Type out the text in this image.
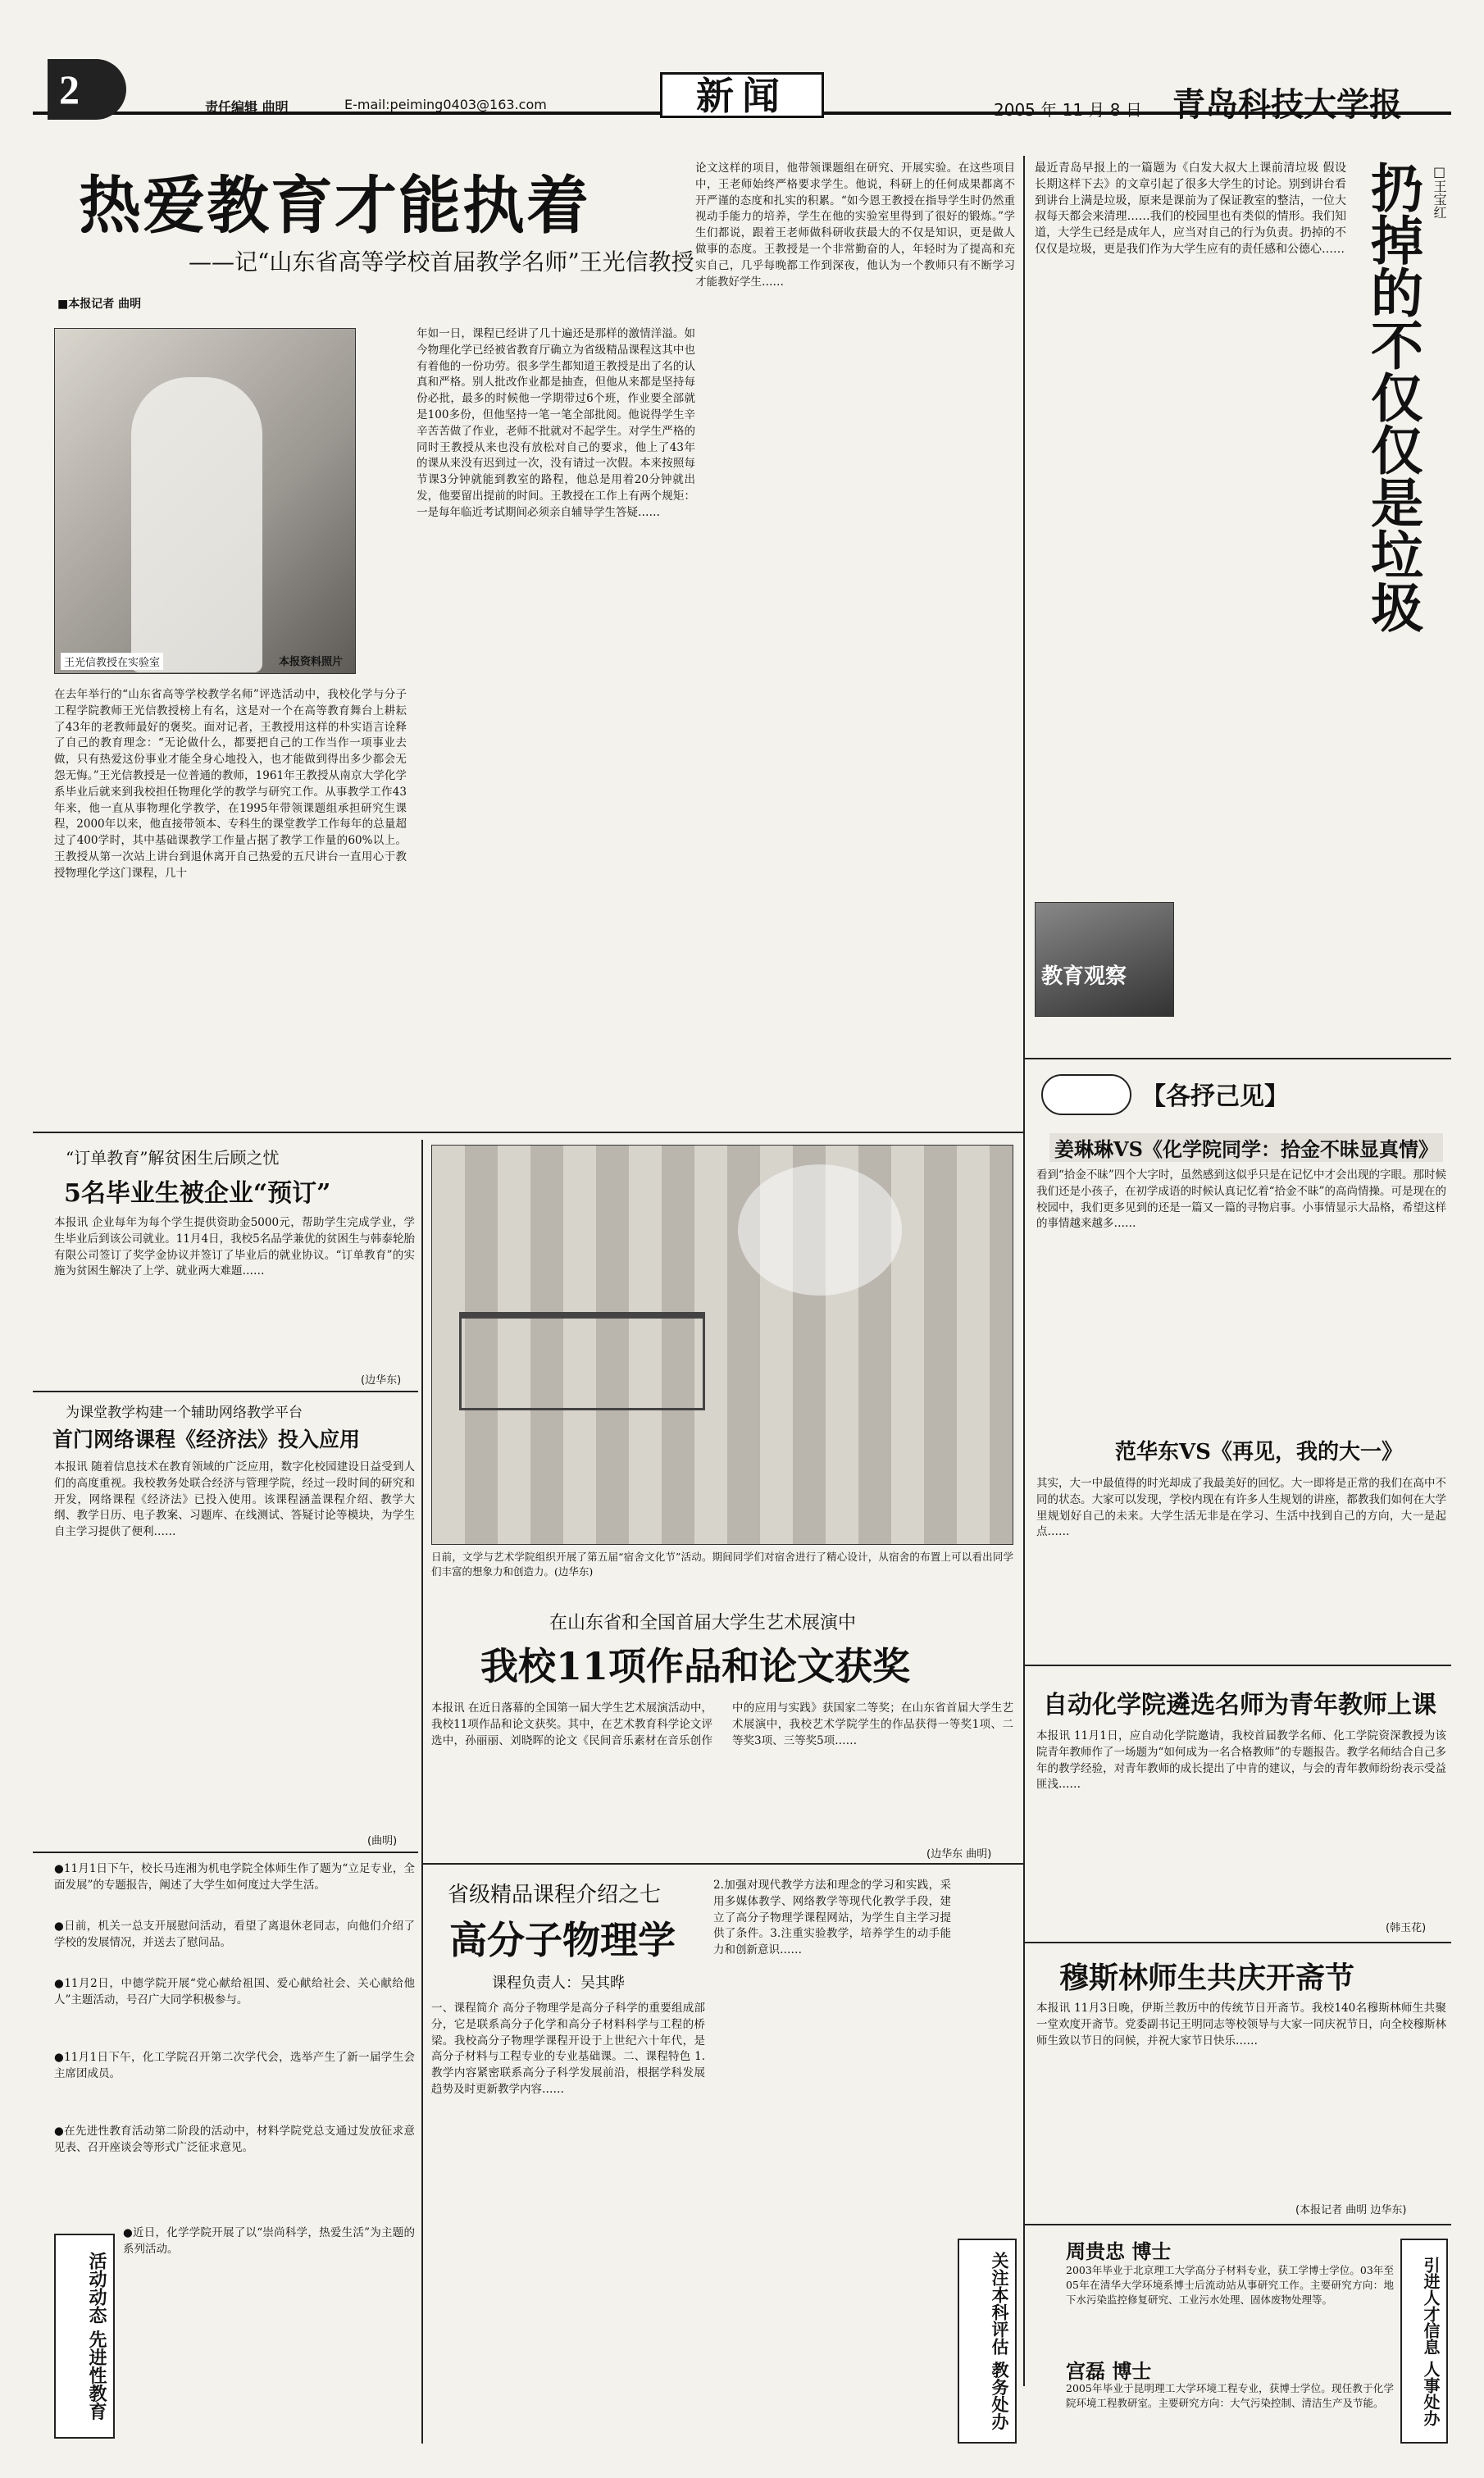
2	责任编辑 曲明	E-mail:peiming0403@163.com	新闻	2005 年 11 月 8 日 青岛科技大学报
热爱教育才能执着
——记“山东省高等学校首届教学名师”王光信教授
■本报记者 曲明
王光信教授在实验室	本报资料照片
在去年举行的“山东省高等学校教学名师”评选活动中，我校化学与分子工程学院教师王光信教授榜上有名，这是对一个在高等教育舞台上耕耘了43年的老教师最好的褒奖。面对记者，王教授用这样的朴实语言诠释了自己的教育理念：“无论做什么，都要把自己的工作当作一项事业去做，只有热爱这份事业才能全身心地投入，也才能做到得出多少都会无怨无悔。”王光信教授是一位普通的教师，1961年王教授从南京大学化学系毕业后就来到我校担任物理化学的教学与研究工作。从事教学工作43年来，他一直从事物理化学教学，在1995年带领课题组承担研究生课程，2000年以来，他直接带领本、专科生的课堂教学工作每年的总量超过了400学时，其中基础课教学工作量占据了教学工作量的60%以上。王教授从第一次站上讲台到退休离开自己热爱的五尺讲台一直用心于教授物理化学这门课程，几十
年如一日，课程已经讲了几十遍还是那样的激情洋溢。如今物理化学已经被省教育厅确立为省级精品课程这其中也有着他的一份功劳。很多学生都知道王教授是出了名的认真和严格。别人批改作业都是抽查，但他从来都是坚持每份必批，最多的时候他一学期带过6个班，作业要全部就是100多份，但他坚持一笔一笔全部批阅。他说得学生辛辛苦苦做了作业，老师不批就对不起学生。对学生严格的同时王教授从来也没有放松对自己的要求，他上了43年的课从来没有迟到过一次，没有请过一次假。本来按照每节课3分钟就能到教室的路程，他总是用着20分钟就出发，他要留出提前的时间。王教授在工作上有两个规矩：一是每年临近考试期间必须亲自辅导学生答疑……
论文这样的项目，他带领课题组在研究、开展实验。在这些项目中，王老师始终严格要求学生。他说，科研上的任何成果都离不开严谨的态度和扎实的积累。“如今恩王教授在指导学生时仍然重视动手能力的培养，学生在他的实验室里得到了很好的锻炼。”学生们都说，跟着王老师做科研收获最大的不仅是知识，更是做人做事的态度。王教授是一个非常勤奋的人，年轻时为了提高和充实自己，几乎每晚都工作到深夜，他认为一个教师只有不断学习才能教好学生……	扔掉的不仅仅是垃圾 □王宝红
最近青岛早报上的一篇题为《白发大叔大上课前清垃圾 假设长期这样下去》的文章引起了很多大学生的讨论。别到讲台看到讲台上满是垃圾，原来是课前为了保证教室的整洁，一位大叔每天都会来清理……我们的校园里也有类似的情形。我们知道，大学生已经是成年人，应当对自己的行为负责。扔掉的不仅仅是垃圾，更是我们作为大学生应有的责任感和公德心……
教育观察
【各抒己见】
姜琳琳VS《化学院同学：拾金不昧显真情》
看到“拾金不昧”四个大字时，虽然感到这似乎只是在记忆中才会出现的字眼。那时候我们还是小孩子，在初学成语的时候认真记忆着“拾金不昧”的高尚情操。可是现在的校园中，我们更多见到的还是一篇又一篇的寻物启事。小事情显示大品格，希望这样的事情越来越多……
范华东VS《再见，我的大一》
其实，大一中最值得的时光却成了我最美好的回忆。大一即将是正常的我们在高中不同的状态。大家可以发现，学校内现在有许多人生规划的讲座，都教我们如何在大学里规划好自己的未来。大学生活无非是在学习、生活中找到自己的方向，大一是起点……
自动化学院遴选名师为青年教师上课
本报讯 11月1日，应自动化学院邀请，我校首届教学名师、化工学院资深教授为该院青年教师作了一场题为“如何成为一名合格教师”的专题报告。教学名师结合自己多年的教学经验，对青年教师的成长提出了中肯的建议，与会的青年教师纷纷表示受益匪浅……
(韩玉花)
穆斯林师生共庆开斋节
本报讯 11月3日晚，伊斯兰教历中的传统节日开斋节。我校140名穆斯林师生共聚一堂欢度开斋节。党委副书记王明同志等校领导与大家一同庆祝节日，向全校穆斯林师生致以节日的问候，并祝大家节日快乐……
(本报记者 曲明 边华东)
周贵忠 博士
2003年毕业于北京理工大学高分子材料专业，获工学博士学位。03年至05年在清华大学环境系博士后流动站从事研究工作。主要研究方向：地下水污染监控修复研究、工业污水处理、固体废物处理等。
宫磊 博士
2005年毕业于昆明理工大学环境工程专业，获博士学位。现任教于化学院环境工程教研室。主要研究方向：大气污染控制、清洁生产及节能。	引进人才信息 人事处办
“订单教育”解贫困生后顾之忧
5名毕业生被企业“预订”
本报讯 企业每年为每个学生提供资助金5000元，帮助学生完成学业，学生毕业后到该公司就业。11月4日，我校5名品学兼优的贫困生与韩泰轮胎有限公司签订了奖学金协议并签订了毕业后的就业协议。“订单教育”的实施为贫困生解决了上学、就业两大难题……
(边华东)
为课堂教学构建一个辅助网络教学平台
首门网络课程《经济法》投入应用
本报讯 随着信息技术在教育领域的广泛应用，数字化校园建设日益受到人们的高度重视。我校教务处联合经济与管理学院，经过一段时间的研究和开发，网络课程《经济法》已投入使用。该课程涵盖课程介绍、教学大纲、教学日历、电子教案、习题库、在线测试、答疑讨论等模块，为学生自主学习提供了便利……
(曲明)
●11月1日下午，校长马连湘为机电学院全体师生作了题为“立足专业，全面发展”的专题报告，阐述了大学生如何度过大学生活。
●日前，机关一总支开展慰问活动，看望了离退休老同志，向他们介绍了学校的发展情况，并送去了慰问品。
●11月2日，中德学院开展“党心献给祖国、爱心献给社会、关心献给他人”主题活动，号召广大同学积极参与。
●11月1日下午，化工学院召开第二次学代会，选举产生了新一届学生会主席团成员。
●在先进性教育活动第二阶段的活动中，材料学院党总支通过发放征求意见表、召开座谈会等形式广泛征求意见。
●近日，化学学院开展了以“崇尚科学，热爱生活”为主题的系列活动。
活动动态 先进性教育
日前，文学与艺术学院组织开展了第五届“宿舍文化节”活动。期间同学们对宿舍进行了精心设计，从宿舍的布置上可以看出同学们丰富的想象力和创造力。(边华东)
在山东省和全国首届大学生艺术展演中
我校11项作品和论文获奖
本报讯 在近日落幕的全国第一届大学生艺术展演活动中，我校11项作品和论文获奖。其中，在艺术教育科学论文评选中，孙丽丽、刘晓晖的论文《民间音乐素材在音乐创作中的应用与实践》获国家二等奖；在山东省首届大学生艺术展演中，我校艺术学院学生的作品获得一等奖1项、二等奖3项、三等奖5项……
(边华东 曲明)
省级精品课程介绍之七
高分子物理学
课程负责人：吴其晔
一、课程简介 高分子物理学是高分子科学的重要组成部分，它是联系高分子化学和高分子材料科学与工程的桥梁。我校高分子物理学课程开设于上世纪六十年代，是高分子材料与工程专业的专业基础课。二、课程特色 1.教学内容紧密联系高分子科学发展前沿，根据学科发展趋势及时更新教学内容……
2.加强对现代教学方法和理念的学习和实践，采用多媒体教学、网络教学等现代化教学手段，建立了高分子物理学课程网站，为学生自主学习提供了条件。3.注重实验教学，培养学生的动手能力和创新意识……
关注本科评估 教务处办
